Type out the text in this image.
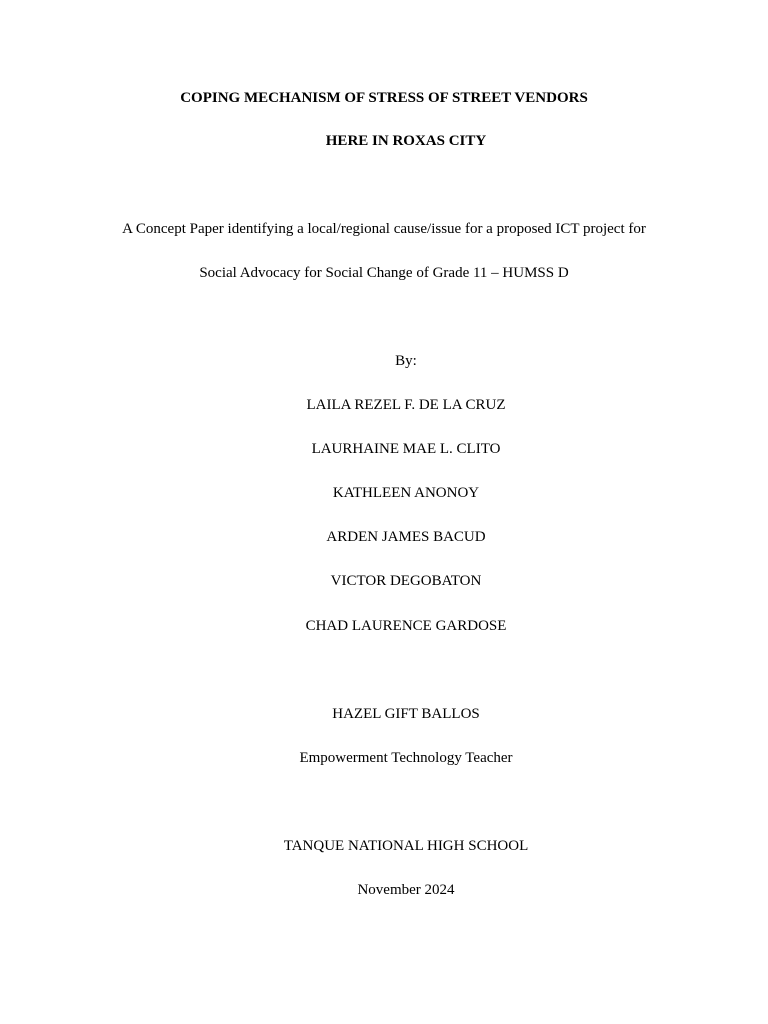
COPING MECHANISM OF STRESS OF STREET VENDORS
HERE IN ROXAS CITY
A Concept Paper identifying a local/regional cause/issue for a proposed ICT project for
Social Advocacy for Social Change of Grade 11 – HUMSS D
By:
LAILA REZEL F. DE LA CRUZ
LAURHAINE MAE L. CLITO
KATHLEEN ANONOY
ARDEN JAMES BACUD
VICTOR DEGOBATON
CHAD LAURENCE GARDOSE
HAZEL GIFT BALLOS
Empowerment Technology Teacher
TANQUE NATIONAL HIGH SCHOOL
November 2024
